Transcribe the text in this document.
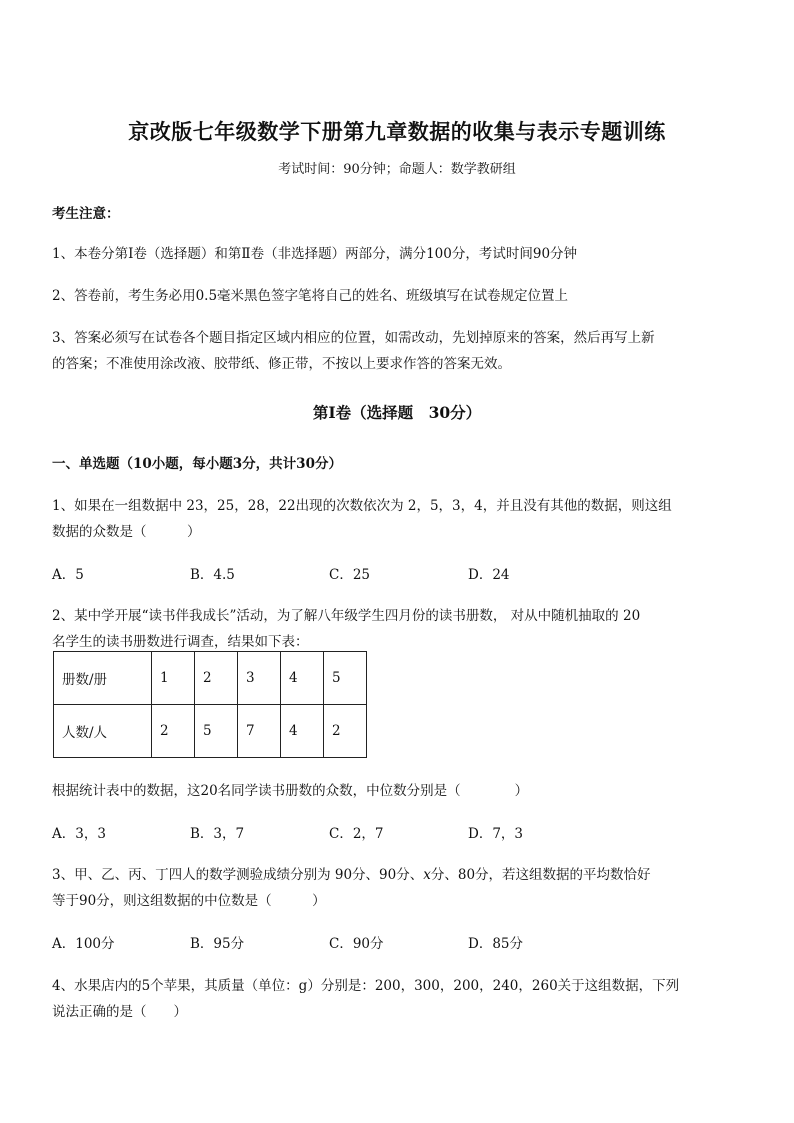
京改版七年级数学下册第九章数据的收集与表示专题训练
考试时间：90分钟；命题人：数学教研组
考生注意：
1、本卷分第Ⅰ卷（选择题）和第Ⅱ卷（非选择题）两部分，满分100分，考试时间90分钟
2、答卷前，考生务必用0.5毫米黑色签字笔将自己的姓名、班级填写在试卷规定位置上
3、答案必须写在试卷各个题目指定区域内相应的位置，如需改动，先划掉原来的答案，然后再写上新
的答案；不准使用涂改液、胶带纸、修正带，不按以上要求作答的答案无效。
第Ⅰ卷（选择题　30分）
一、单选题（10小题，每小题3分，共计30分）
1、如果在一组数据中 23，25，28，22出现的次数依次为 2，5，3，4，并且没有其他的数据，则这组
数据的众数是（　　　）
A．5	B．4.5	C．25	D．24
2、某中学开展“读书伴我成长”活动，为了解八年级学生四月份的读书册数， 对从中随机抽取的 20
名学生的读书册数进行调查，结果如下表：
册数/册	1	2	3	4	5
人数/人	2	5	7	4	2
根据统计表中的数据，这20名同学读书册数的众数，中位数分别是（　　　　）
A．3，3	B．3，7	C．2，7	D．7，3
3、甲、乙、丙、丁四人的数学测验成绩分别为 90分、90分、x分、80分，若这组数据的平均数恰好
等于90分，则这组数据的中位数是（　　　）
A．100分	B．95分	C．90分	D．85分
4、水果店内的5个苹果，其质量（单位：g）分别是：200，300，200，240，260关于这组数据，下列
说法正确的是（　　）
